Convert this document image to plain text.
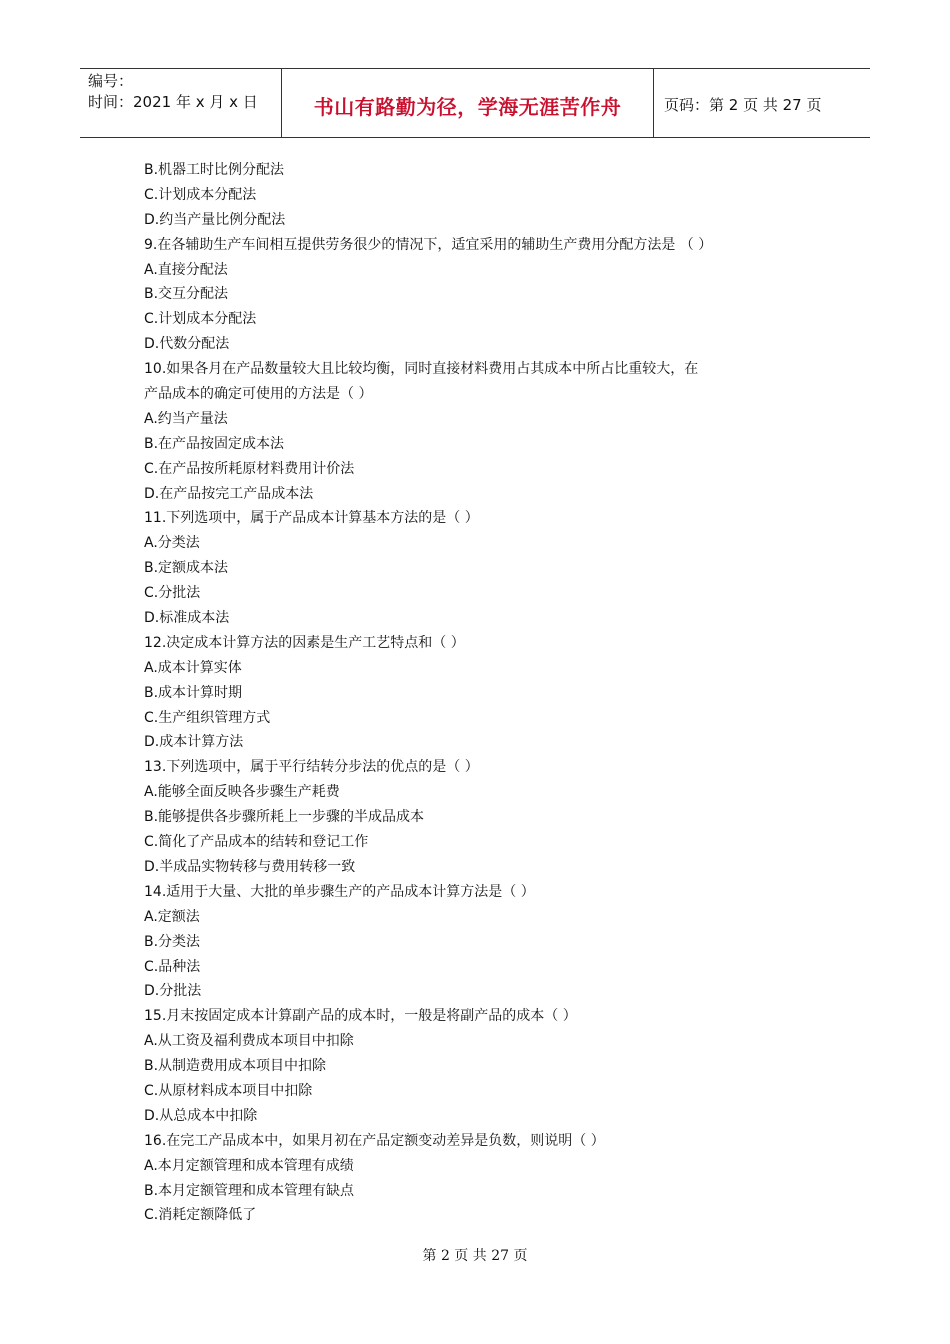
编号：
时间：2021 年 x 月 x 日	书山有路勤为径，学海无涯苦作舟	页码：第 2 页 共 27 页
B.机器工时比例分配法
C.计划成本分配法
D.约当产量比例分配法
9.在各辅助生产车间相互提供劳务很少的情况下，适宜采用的辅助生产费用分配方法是 （ ）
A.直接分配法
B.交互分配法
C.计划成本分配法
D.代数分配法
10.如果各月在产品数量较大且比较均衡，同时直接材料费用占其成本中所占比重较大，在
产品成本的确定可使用的方法是（ ）
A.约当产量法
B.在产品按固定成本法
C.在产品按所耗原材料费用计价法
D.在产品按完工产品成本法
11.下列选项中，属于产品成本计算基本方法的是（ ）
A.分类法
B.定额成本法
C.分批法
D.标准成本法
12.决定成本计算方法的因素是生产工艺特点和（ ）
A.成本计算实体
B.成本计算时期
C.生产组织管理方式
D.成本计算方法
13.下列选项中，属于平行结转分步法的优点的是（ ）
A.能够全面反映各步骤生产耗费
B.能够提供各步骤所耗上一步骤的半成品成本
C.简化了产品成本的结转和登记工作
D.半成品实物转移与费用转移一致
14.适用于大量、大批的单步骤生产的产品成本计算方法是（ ）
A.定额法
B.分类法
C.品种法
D.分批法
15.月末按固定成本计算副产品的成本时，一般是将副产品的成本（ ）
A.从工资及福利费成本项目中扣除
B.从制造费用成本项目中扣除
C.从原材料成本项目中扣除
D.从总成本中扣除
16.在完工产品成本中，如果月初在产品定额变动差异是负数，则说明（ ）
A.本月定额管理和成本管理有成绩
B.本月定额管理和成本管理有缺点
C.消耗定额降低了
第 2 页 共 27 页
